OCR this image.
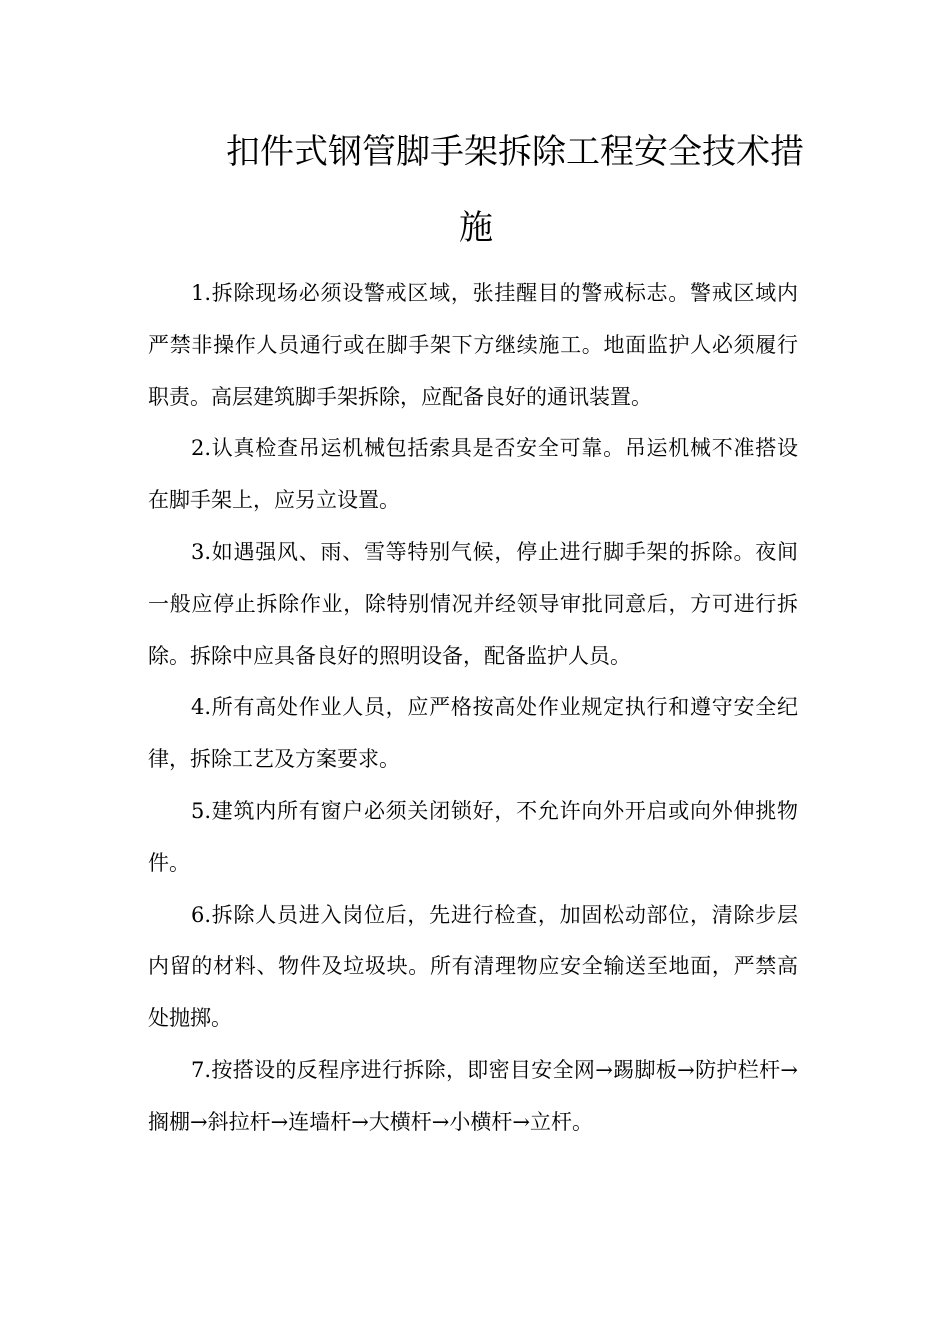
扣件式钢管脚手架拆除工程安全技术措
施

1.拆除现场必须设警戒区域，张挂醒目的警戒标志。警戒区域内严禁非操作人员通行或在脚手架下方继续施工。地面监护人必须履行职责。高层建筑脚手架拆除，应配备良好的通讯装置。

2.认真检查吊运机械包括索具是否安全可靠。吊运机械不准搭设在脚手架上，应另立设置。

3.如遇强风、雨、雪等特别气候，停止进行脚手架的拆除。夜间一般应停止拆除作业，除特别情况并经领导审批同意后，方可进行拆除。拆除中应具备良好的照明设备，配备监护人员。

4.所有高处作业人员，应严格按高处作业规定执行和遵守安全纪律，拆除工艺及方案要求。

5.建筑内所有窗户必须关闭锁好，不允许向外开启或向外伸挑物件。

6.拆除人员进入岗位后，先进行检查，加固松动部位，清除步层内留的材料、物件及垃圾块。所有清理物应安全输送至地面，严禁高处抛掷。

7.按搭设的反程序进行拆除，即密目安全网→踢脚板→防护栏杆→搁棚→斜拉杆→连墙杆→大横杆→小横杆→立杆。
